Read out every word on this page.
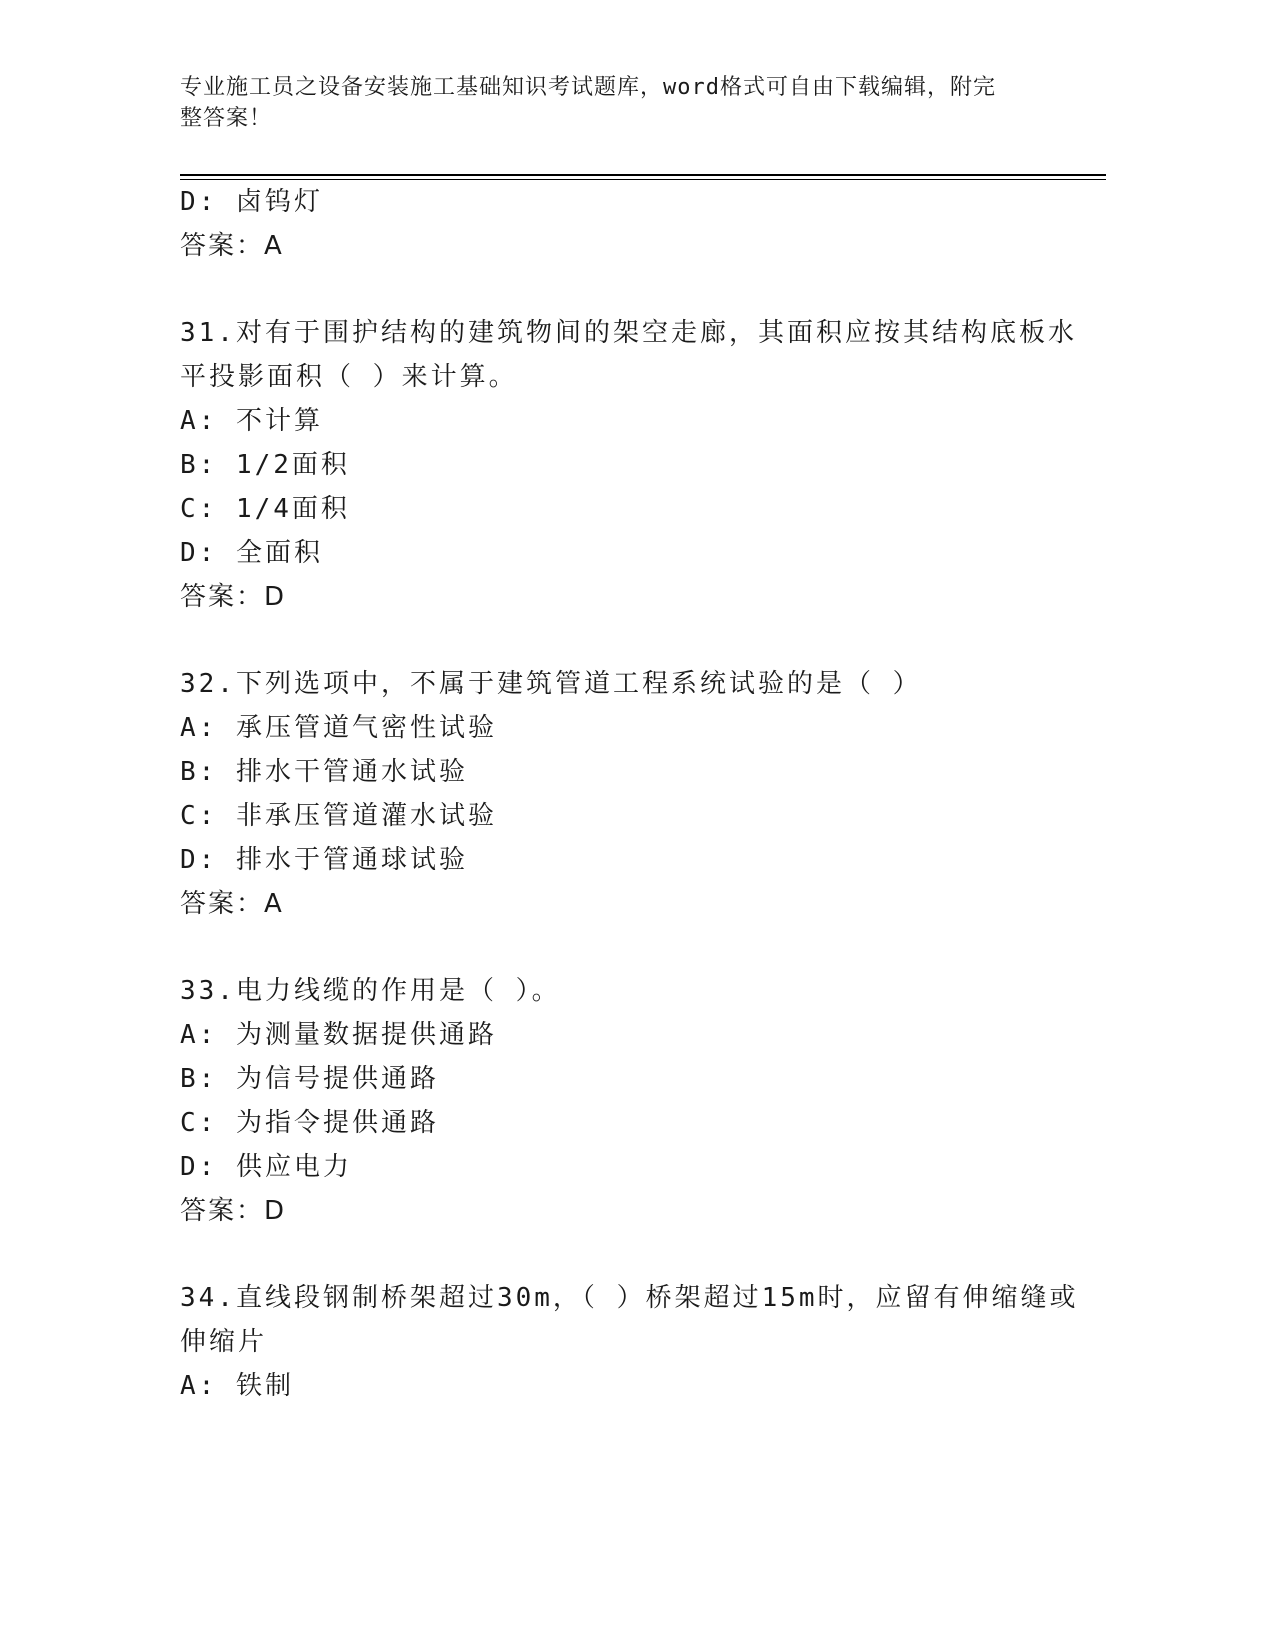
专业施工员之设备安装施工基础知识考试题库，word格式可自由下载编辑，附完
整答案！
D: 卤钨灯
答案：A
31.对有于围护结构的建筑物间的架空走廊，其面积应按其结构底板水
平投影面积（ ）来计算。
A: 不计算
B: 1/2面积
C: 1/4面积
D: 全面积
答案：D
32.下列选项中，不属于建筑管道工程系统试验的是（ ）
A: 承压管道气密性试验
B: 排水干管通水试验
C: 非承压管道灌水试验
D: 排水于管通球试验
答案：A
33.电力线缆的作用是（ ）。
A: 为测量数据提供通路
B: 为信号提供通路
C: 为指令提供通路
D: 供应电力
答案：D
34.直线段钢制桥架超过30m，（ ）桥架超过15m时，应留有伸缩缝或
伸缩片
A: 铁制
